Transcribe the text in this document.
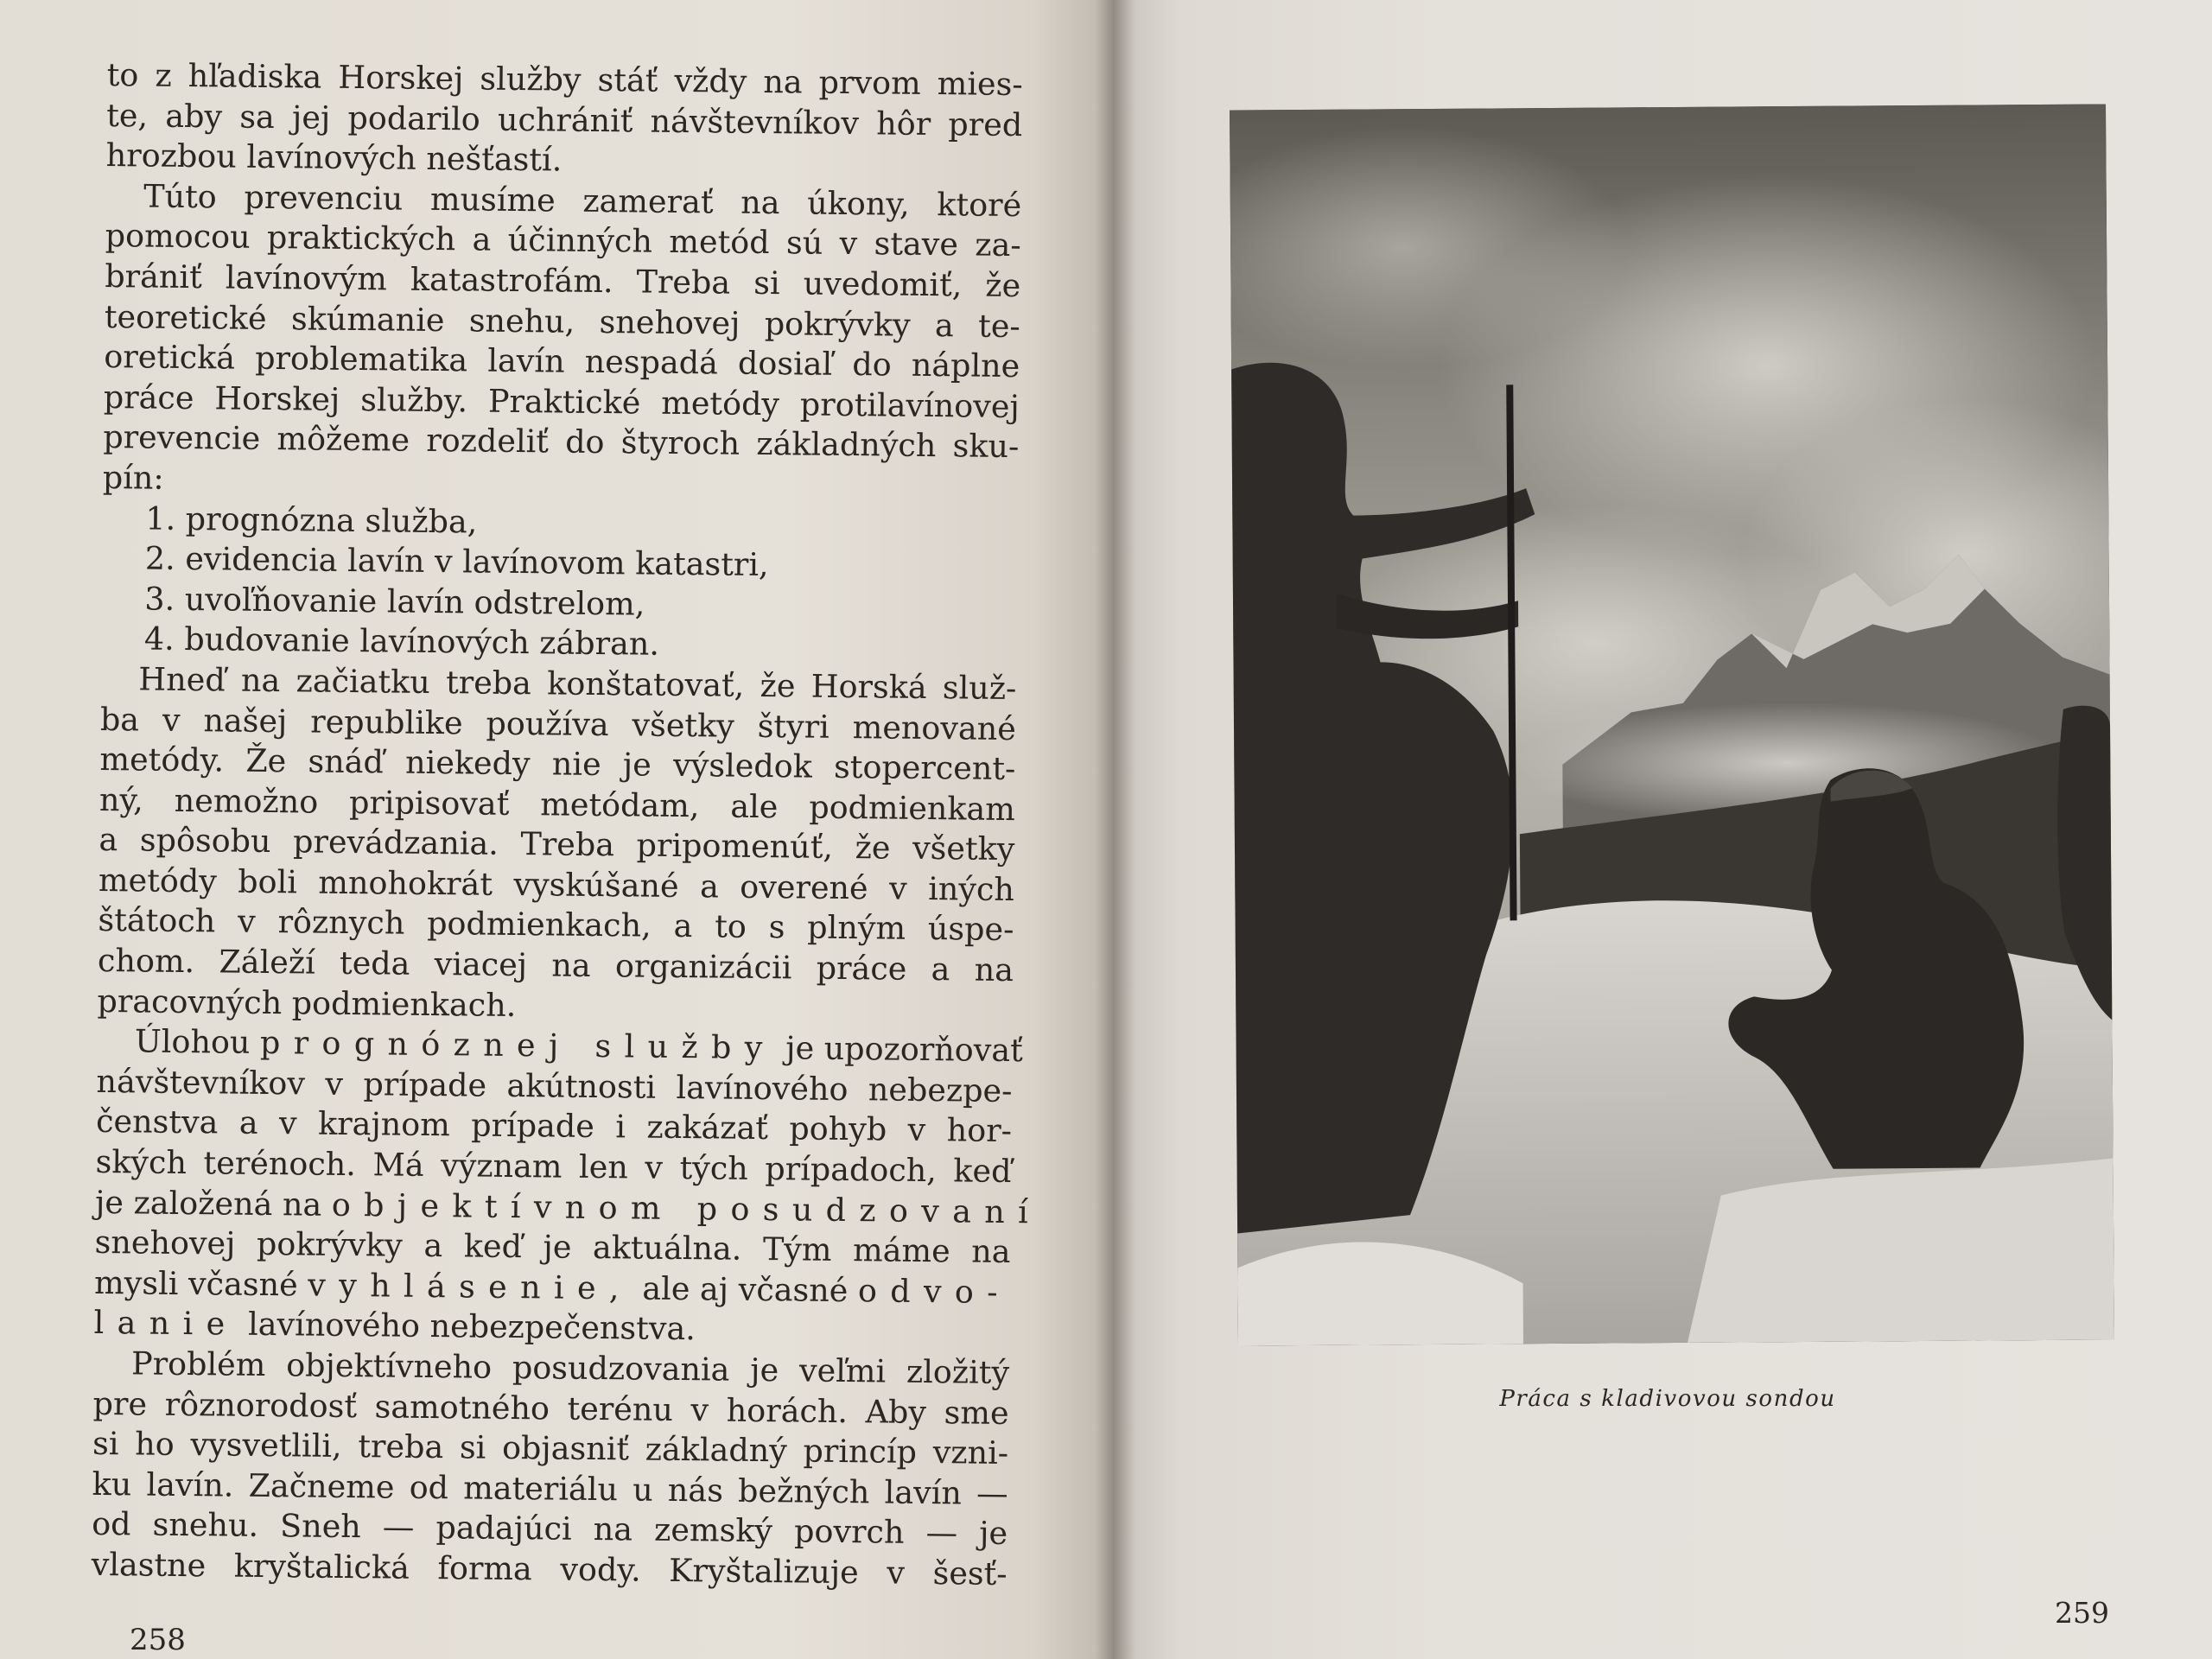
to z hľadiska Horskej služby stáť vždy na prvom mies-
te, aby sa jej podarilo uchrániť návštevníkov hôr pred
hrozbou lavínových nešťastí.
Túto prevenciu musíme zamerať na úkony, ktoré
pomocou praktických a účinných metód sú v stave za-
brániť lavínovým katastrofám. Treba si uvedomiť, že
teoretické skúmanie snehu, snehovej pokrývky a te-
oretická problematika lavín nespadá dosiaľ do náplne
práce Horskej služby. Praktické metódy protilavínovej
prevencie môžeme rozdeliť do štyroch základných sku-
pín:
1. prognózna služba,
2. evidencia lavín v lavínovom katastri,
3. uvoľňovanie lavín odstrelom,
4. budovanie lavínových zábran.
Hneď na začiatku treba konštatovať, že Horská služ-
ba v našej republike používa všetky štyri menované
metódy. Že snáď niekedy nie je výsledok stopercent-
ný, nemožno pripisovať metódam, ale podmienkam
a spôsobu prevádzania. Treba pripomenúť, že všetky
metódy boli mnohokrát vyskúšané a overené v iných
štátoch v rôznych podmienkach, a to s plným úspe-
chom. Záleží teda viacej na organizácii práce a na
pracovných podmienkach.
Úlohou prognóznej služby je upozorňovať
návštevníkov v prípade akútnosti lavínového nebezpe-
čenstva a v krajnom prípade i zakázať pohyb v hor-
ských terénoch. Má význam len v tých prípadoch, keď
je založená na objektívnom posudzovaní
snehovej pokrývky a keď je aktuálna. Tým máme na
mysli včasné vyhlásenie, ale aj včasné odvo-
lanie lavínového nebezpečenstva.
Problém objektívneho posudzovania je veľmi zložitý
pre rôznorodosť samotného terénu v horách. Aby sme
si ho vysvetlili, treba si objasniť základný princíp vzni-
ku lavín. Začneme od materiálu u nás bežných lavín —
od snehu. Sneh — padajúci na zemský povrch — je
vlastne kryštalická forma vody. Kryštalizuje v šesť-
258
Práca s kladivovou sondou
259
